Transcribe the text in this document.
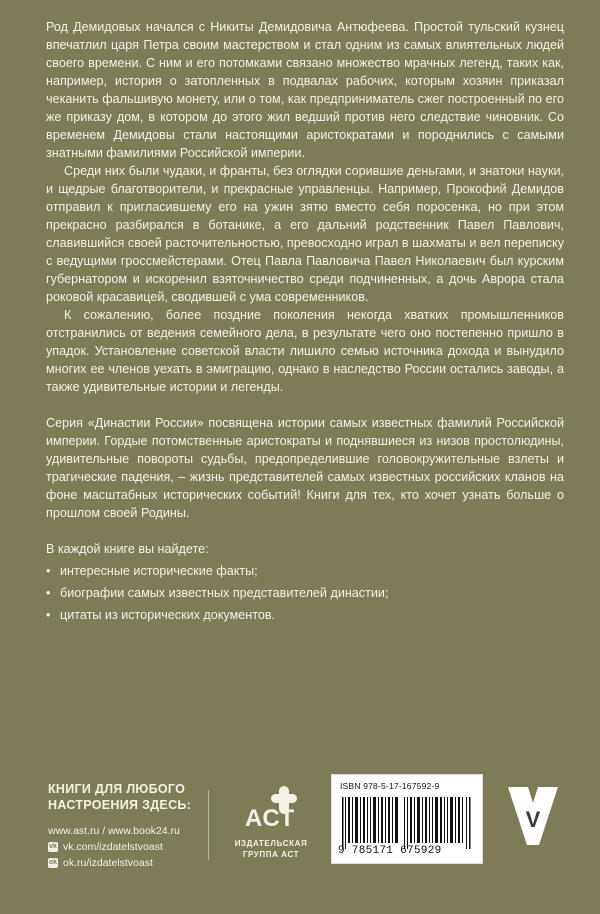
Род Демидовых начался с Никиты Демидовича Антюфеева. Простой тульский кузнец впечатлил царя Петра своим мастерством и стал одним из самых влиятельных людей своего времени. С ним и его потомками связано множество мрачных легенд, таких как, например, история о затопленных в подвалах рабочих, которым хозяин приказал чеканить фальшивую монету, или о том, как предприниматель сжег построенный по его же приказу дом, в котором до этого жил ведший против него следствие чиновник. Со временем Демидовы стали настоящими аристократами и породнились с самыми знатными фамилиями Российской империи.

Среди них были чудаки, и франты, без оглядки сорившие деньгами, и знатоки науки, и щедрые благотворители, и прекрасные управленцы. Например, Прокофий Демидов отправил к пригласившему его на ужин зятю вместо себя поросенка, но при этом прекрасно разбирался в ботанике, а его дальний родственник Павел Павлович, славившийся своей расточительностью, превосходно играл в шахматы и вел переписку с ведущими гроссмейстерами. Отец Павла Павловича Павел Николаевич был курским губернатором и искоренил взяточничество среди подчиненных, а дочь Аврора стала роковой красавицей, сводившей с ума современников.

К сожалению, более поздние поколения некогда хватких промышленников отстранились от ведения семейного дела, в результате чего оно постепенно пришло в упадок. Установление советской власти лишило семью источника дохода и вынудило многих ее членов уехать в эмиграцию, однако в наследство России остались заводы, а также удивительные истории и легенды.

Серия «Династии России» посвящена истории самых известных фамилий Российской империи. Гордые потомственные аристократы и поднявшиеся из низов простолюдины, удивительные повороты судьбы, предопределившие головокружительные взлеты и трагические падения, – жизнь представителей самых известных российских кланов на фоне масштабных исторических событий! Книги для тех, кто хочет узнать больше о прошлом своей Родины.

В каждой книге вы найдете:
• интересные исторические факты;
• биографии самых известных представителей династии;
• цитаты из исторических документов.
КНИГИ ДЛЯ ЛЮБОГО
НАСТРОЕНИЯ ЗДЕСЬ:
www.ast.ru / www.book24.ru
vk vk.com/izdatelstvoast
ok ok.ru/izdatelstvoast
ACT
ИЗДАТЕЛЬСКАЯ
ГРУППА АСТ
ISBN 978-5-17-167592-9
9 785171 675929
V
